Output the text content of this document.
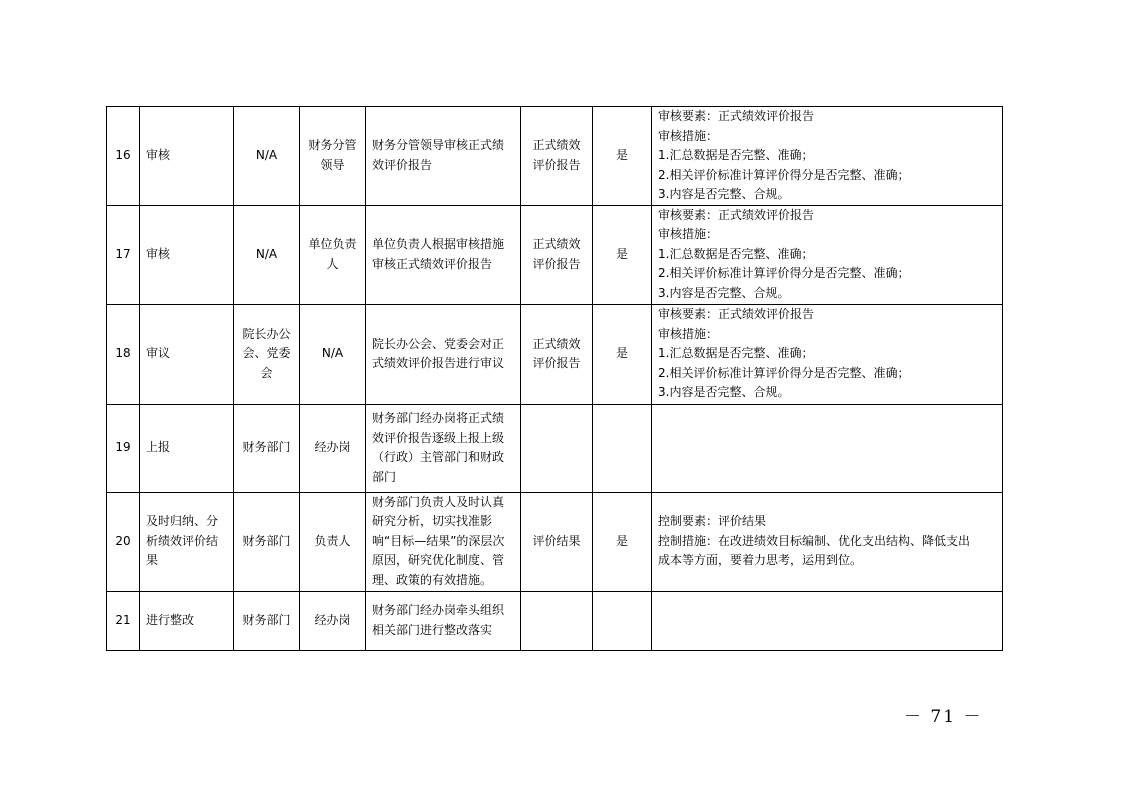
16	审核	N/A	财务分管领导	财务分管领导审核正式绩效评价报告	正式绩效评价报告	是	审核要素：正式绩效评价报告
审核措施：
1.汇总数据是否完整、准确；
2.相关评价标准计算评价得分是否完整、准确；
3.内容是否完整、合规。

17	审核	N/A	单位负责人	单位负责人根据审核措施审核正式绩效评价报告	正式绩效评价报告	是	审核要素：正式绩效评价报告
审核措施：
1.汇总数据是否完整、准确；
2.相关评价标准计算评价得分是否完整、准确；
3.内容是否完整、合规。

18	审议	院长办公会、党委会	N/A	院长办公会、党委会对正式绩效评价报告进行审议	正式绩效评价报告	是	审核要素：正式绩效评价报告
审核措施：
1.汇总数据是否完整、准确；
2.相关评价标准计算评价得分是否完整、准确；
3.内容是否完整、合规。

19	上报	财务部门	经办岗	财务部门经办岗将正式绩效评价报告逐级上报上级（行政）主管部门和财政部门			
20	及时归纳、分析绩效评价结果	财务部门	负责人	财务部门负责人及时认真研究分析，切实找准影响“目标—结果”的深层次原因，研究优化制度、管理、政策的有效措施。	评价结果	是	控制要素：评价结果
控制措施：在改进绩效目标编制、优化支出结构、降低支出
成本等方面，要着力思考，运用到位。

21	进行整改	财务部门	经办岗	财务部门经办岗牵头组织相关部门进行整改落实			
－ 71 －
